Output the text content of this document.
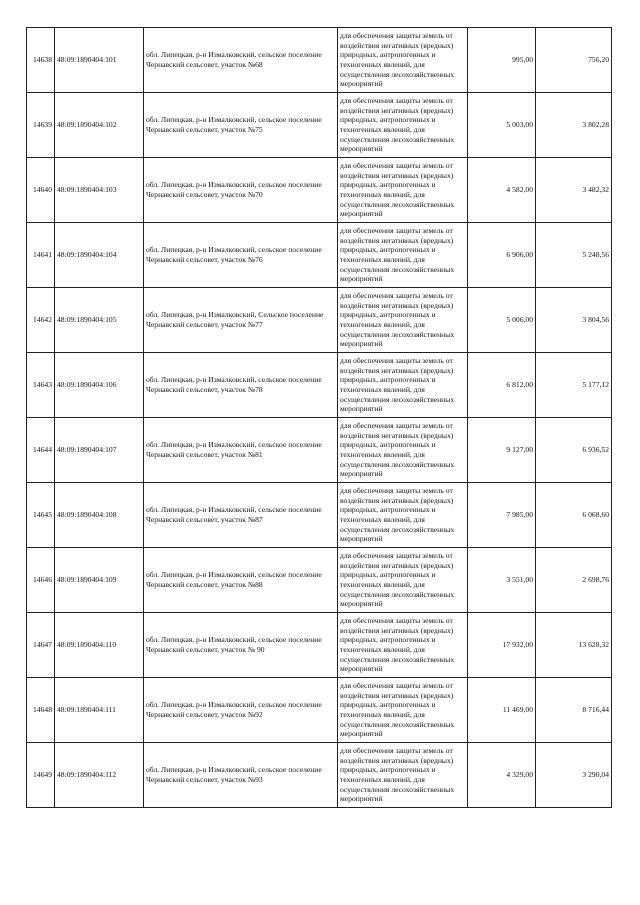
14638	48:09:1890404:101	обл. Липецкая, р-н Измалковский, сельское поселение Чернавский сельсовет, участок №68	для обеспечения защиты земель от воздействия негативных (вредных) природных, антропогенных и техногенных явлений, для осуществления лесохозяйственных мероприятий	995,00	756,20
14639	48:09:1890404:102	обл. Липецкая, р-н Измалковский, сельское поселение Чернавский сельсовет, участок №75	для обеспечения защиты земель от воздействия негативных (вредных) природных, антропогенных и техногенных явлений, для осуществления лесохозяйственных мероприятий	5 003,00	3 802,28
14640	48:09:1890404:103	обл. Липецкая, р-н Измалковский, сельское поселение Чернавский сельсовет, участок №70	для обеспечения защиты земель от воздействия негативных (вредных) природных, антропогенных и техногенных явлений, для осуществления лесохозяйственных мероприятий	4 582,00	3 482,32
14641	48:09:1890404:104	обл. Липецкая, р-н Измалковский, сельское поселение Чернавский сельсовет, участок №76	для обеспечения защиты земель от воздействия негативных (вредных) природных, антропогенных и техногенных явлений, для осуществления лесохозяйственных мероприятий	6 906,00	5 248,56
14642	48:09:1890404:105	обл. Липецкая, р-н Измалковский, Сельское поселение Чернавский сельсовет, участок №77	для обеспечения защиты земель от воздействия негативных (вредных) природных, антропогенных и техногенных явлений, для осуществления лесохозяйственных мероприятий	5 006,00	3 804,56
14643	48:09:1890404:106	обл. Липецкая, р-н Измалковский, сельское поселение Чернавский сельсовет, участок №78	для обеспечения защиты земель от воздействия негативных (вредных) природных, антропогенных и техногенных явлений, для осуществления лесохозяйственных мероприятий	6 812,00	5 177,12
14644	48:09:1890404:107	обл. Липецкая, р-н Измалковский, сельское поселение Чернавский сельсовет, участок №81	для обеспечения защиты земель от воздействия негативных (вредных) природных, антропогенных и техногенных явлений, для осуществления лесохозяйственных мероприятий	9 127,00	6 936,52
14645	48:09:1890404:108	обл. Липецкая, р-н Измалковский, сельское поселение Чернавский сельсовет, участок №87	для обеспечения защиты земель от воздействия негативных (вредных) природных, антропогенных и техногенных явлений, для осуществления лесохозяйственных мероприятий	7 985,00	6 068,60
14646	48:09:1890404:109	обл. Липецкая, р-н Измалковский, сельское поселение Чернавский сельсовет, участок №88	для обеспечения защиты земель от воздействия негативных (вредных) природных, антропогенных и техногенных явлений, для осуществления лесохозяйственных мероприятий	3 551,00	2 698,76
14647	48:09:1890404:110	обл. Липецкая, р-н Измалковский, сельское поселение Чернавский сельсовет, участок № 90	для обеспечения защиты земель от воздействия негативных (вредных) природных, антропогенных и техногенных явлений, для осуществления лесохозяйственных мероприятий	17 932,00	13 628,32
14648	48:09:1890404:111	обл. Липецкая, р-н Измалковский, сельское поселение Чернавский сельсовет, участок №92	для обеспечения защиты земель от воздействия негативных (вредных) природных, антропогенных и техногенных явлений, для осуществления лесохозяйственных мероприятий	11 469,00	8 716,44
14649	48:09:1890404:112	обл. Липецкая, р-н Измалковский, сельское поселение Чернавский сельсовет, участок №93	для обеспечения защиты земель от воздействия негативных (вредных) природных, антропогенных и техногенных явлений, для осуществления лесохозяйственных мероприятий	4 329,00	3 290,04
